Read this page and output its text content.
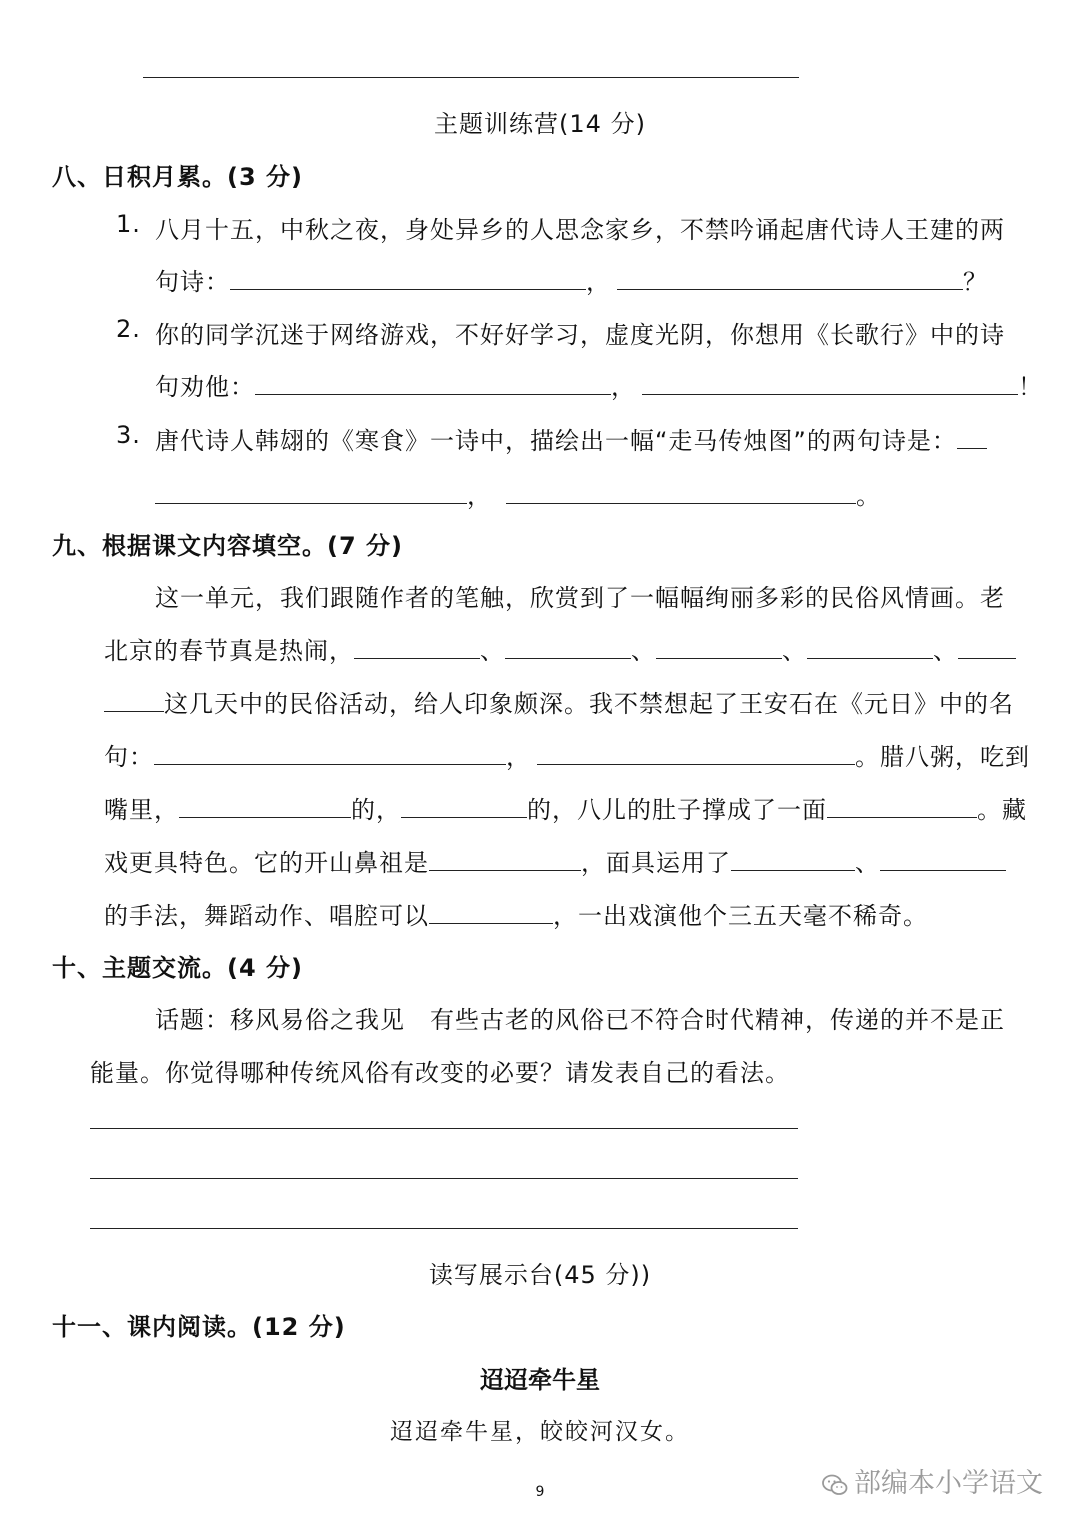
主题训练营(14 分)
八、日积月累。(3 分)
1. 八月十五，中秋之夜，身处异乡的人思念家乡，不禁吟诵起唐代诗人王建的两
句诗：	，	？
2. 你的同学沉迷于网络游戏，不好好学习，虚度光阴，你想用《长歌行》中的诗
句劝他：	，	！
3. 唐代诗人韩翃的《寒食》一诗中，描绘出一幅“走马传烛图”的两句诗是：
，	。
九、根据课文内容填空。(7 分)
这一单元，我们跟随作者的笔触，欣赏到了一幅幅绚丽多彩的民俗风情画。老
北京的春节真是热闹，	、	、	、	、
这几天中的民俗活动，给人印象颇深。我不禁想起了王安石在《元日》中的名
句：	，	。腊八粥，吃到
嘴里，	的，	的，八儿的肚子撑成了一面	。藏
戏更具特色。它的开山鼻祖是	，面具运用了	、
的手法，舞蹈动作、唱腔可以	，一出戏演他个三五天毫不稀奇。
十、主题交流。(4 分)
话题：移风易俗之我见　有些古老的风俗已不符合时代精神，传递的并不是正
能量。你觉得哪种传统风俗有改变的必要？请发表自己的看法。
读写展示台(45 分))
十一、课内阅读。(12 分)
迢迢牵牛星
迢迢牵牛星，皎皎河汉女。
9	部编本小学语文
